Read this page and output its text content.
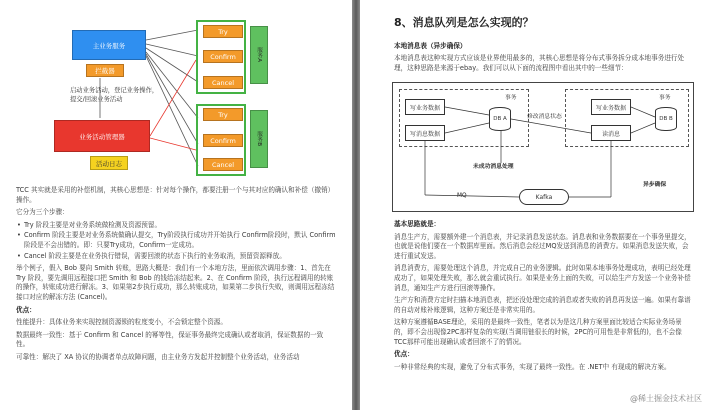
主业务服务
拦截器
启动业务活动，登记业务操作，提交/回滚业务活动
业务活动管理器
活动日志
Try
Confirm
Cancel
服务A
Try
Confirm
Cancel
服务B

TCC 其实就是采用的补偿机制，其核心思想是：针对每个操作，都要注册一个与其对应的确认和补偿（撤销）操作。

它分为三个步骤：

• Try 阶段主要是对业务系统做检测及资源预留。
• Confirm 阶段主要是对业务系统做确认提交，Try阶段执行成功并开始执行 Confirm阶段时，默认 Confirm阶段是不会出错的。即：只要Try成功，Confirm一定成功。
• Cancel 阶段主要是在业务执行错误，需要回滚的状态下执行的业务取消，预留资源释放。

举个例子，假入 Bob 要向 Smith 转账，思路大概是：我们有一个本地方法，里面依次调用步骤：1、首先在 Try 阶段，要先调用远程接口把 Smith 和 Bob 的钱给冻结起来。2、在 Confirm 阶段，执行远程调用的转账的操作，转账成功进行解冻。3、如果第2步执行成功，那么转账成功，如果第二步执行失败，则调用远程冻结接口对应的解冻方法 (Cancel)。

优点：

性能提升：具体业务来实现控制资源锁的粒度变小，不会锁定整个资源。

数据最终一致性：基于 Confirm 和 Cancel 的幂等性，保证事务最终完成确认或者取消，保证数据的一致性。

可靠性：解决了 XA 协议的协调者单点故障问题，由主业务方发起并控制整个业务活动，业务活动

8、消息队列是怎么实现的？
本地消息表（异步确保）
本地消息表这种实现方式应该是业界使用最多的，其核心思想是将分布式事务拆分成本地事务进行处理，这种思路是来源于ebay。我们可以从下面的流程图中看出其中的一些细节：
事务
写业务数据
写消息数据
DB A
事务
写业务数据
读消息
DB B
修改消息状态
未成功消息处理
Kafka
异步确保

基本思路就是：

消息生产方，需要额外建一个消息表，并记录消息发送状态。消息表和业务数据要在一个事务里提交，也就是说他们要在一个数据库里面。然后消息会经过MQ发送到消息的消费方。如果消息发送失败，会进行重试发送。

消息消费方，需要处理这个消息，并完成自己的业务逻辑。此时如果本地事务处理成功，表明已经处理成功了，如果处理失败，那么就会重试执行。如果是业务上面的失败，可以给生产方发送一个业务补偿消息，通知生产方进行回滚等操作。

生产方和消费方定时扫描本地消息表，把还没处理完成的消息或者失败的消息再发送一遍。如果有靠谱的自动对账补账逻辑，这种方案还是非常实用的。

这种方案遵循BASE理论，采用的是最终一致性，笔者以为是这几种方案里面比较适合实际业务场景的，即不会出现像2PC那样复杂的实现(当调用链很长的时候，2PC的可用性是非常低的)，也不会像TCC那样可能出现确认或者回滚不了的情况。

优点：

一种非常经典的实现，避免了分布式事务，实现了最终一致性。在 .NET中 有现成的解决方案。

@稀土掘金技术社区
